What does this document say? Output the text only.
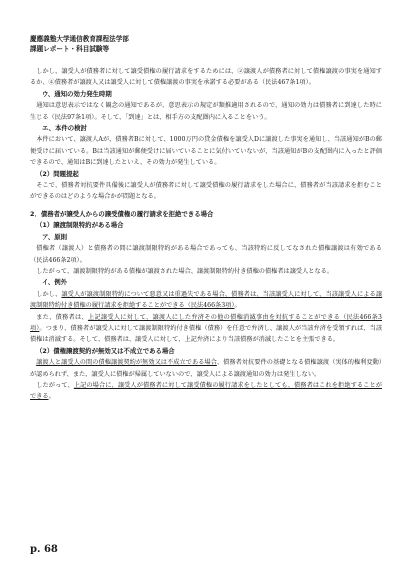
慶應義塾大学通信教育課程法学部
課題レポート・科目試験等

しかし、譲受人が債務者に対して譲受債権の履行請求をするためには、②譲渡人が債務者に対して債権譲渡の事実を通知するか、④債務者が譲渡人又は譲受人に対して債権譲渡の事実を承諾する必要がある（民法467条1項）。

ウ、通知の効力発生時期

通知は意思表示ではなく観念の通知であるが、意思表示の規定が類推適用されるので、通知の効力は債務者に到達した時に生じる（民法97条1項）。そして、「到達」とは、相手方の支配圏内に入ることをいう。

エ、本件の検討

本件において、譲渡人Aが、債務者Bに対して、1000万円の貸金債権を譲受人Dに譲渡した事実を通知し、当該通知がBの郵便受けに届いている。Bは当該通知が郵便受けに届いていることに気付いていないが、当該通知がBの支配圏内に入ったと評価できるので、通知はBに到達したといえ、その効力が発生している。

（2）問題提起

そこで、債務者対抗要件具備後に譲受人が債務者に対して譲受債権の履行請求をした場合に、債務者が当該請求を拒むことができるのはどのような場合かが問題となる。

2．債務者が譲受人からの譲受債権の履行請求を拒絶できる場合

（1）譲渡制限特約がある場合

ア、原則

債権者（譲渡人）と債務者の間に譲渡制限特約がある場合であっても、当該特約に反してなされた債権譲渡は有効である（民法466条2項）。

したがって、譲渡制限特約がある債権が譲渡された場合、譲渡制限特約付き債権の債権者は譲受人となる。

イ、例外

しかし、譲受人が譲渡制限特約について悪意又は重過失である場合、債務者は、当該譲受人に対して、当該譲受人による譲渡制限特約付き債権の履行請求を拒絶することができる（民法466条3項）。

また、債務者は、上記譲受人に対して、譲渡人にした弁済その他の債権消滅事由を対抗することができる（民法466条3項）。つまり、債務者が譲受人に対して譲渡制限特約付き債権（債務）を任意で弁済し、譲渡人が当該弁済を受領すれば、当該債権は消滅する。そして、債務者は、譲受人に対して、上記弁済により当該債務が消滅したことを主張できる。

（2）債権譲渡契約が無効又は不成立である場合

譲渡人と譲受人の間の債権譲渡契約が無効又は不成立である場合、債務者対抗要件の基礎となる債権譲渡（実体的権利変動）が認められず、また、譲受人に債権が帰属していないので、譲受人による譲渡通知の効力は発生しない。

したがって、上記の場合に、譲受人が債務者に対して譲受債権の履行請求をしたとしても、債務者はこれを拒絶することができる。

p. 68
